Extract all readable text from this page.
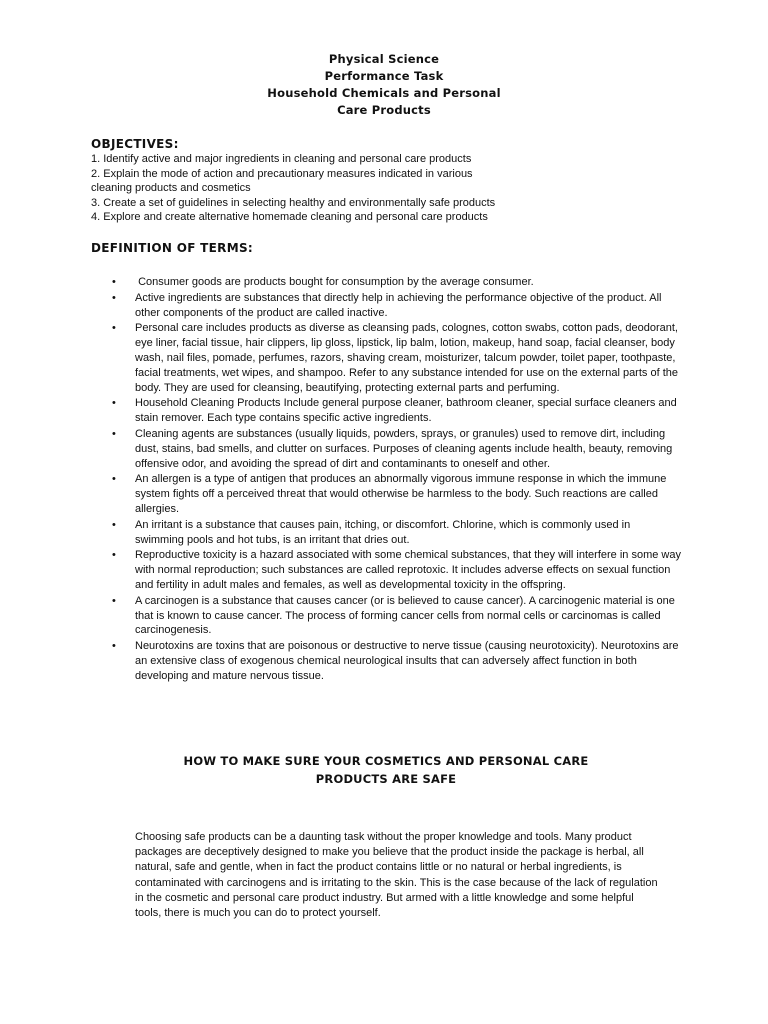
Physical Science
Performance Task
Household Chemicals and Personal
Care Products
OBJECTIVES:
1. Identify active and major ingredients in cleaning and personal care products
2. Explain the mode of action and precautionary measures indicated in various
cleaning products and cosmetics
3. Create a set of guidelines in selecting healthy and environmentally safe products
4. Explore and create alternative homemade cleaning and personal care products
DEFINITION OF TERMS:
•	Consumer goods are products bought for consumption by the average consumer.
•	Active ingredients are substances that directly help in achieving the performance objective of the product. All other components of the product are called inactive.
•	Personal care includes products as diverse as cleansing pads, colognes, cotton swabs, cotton pads, deodorant, eye liner, facial tissue, hair clippers, lip gloss, lipstick, lip balm, lotion, makeup, hand soap, facial cleanser, body wash, nail files, pomade, perfumes, razors, shaving cream, moisturizer, talcum powder, toilet paper, toothpaste, facial treatments, wet wipes, and shampoo. Refer to any substance intended for use on the external parts of the body. They are used for cleansing, beautifying, protecting external parts and perfuming.
•	Household Cleaning Products Include general purpose cleaner, bathroom cleaner, special surface cleaners and stain remover. Each type contains specific active ingredients.
•	Cleaning agents are substances (usually liquids, powders, sprays, or granules) used to remove dirt, including dust, stains, bad smells, and clutter on surfaces. Purposes of cleaning agents include health, beauty, removing offensive odor, and avoiding the spread of dirt and contaminants to oneself and other.
•	An allergen is a type of antigen that produces an abnormally vigorous immune response in which the immune system fights off a perceived threat that would otherwise be harmless to the body. Such reactions are called allergies.
•	An irritant is a substance that causes pain, itching, or discomfort. Chlorine, which is commonly used in swimming pools and hot tubs, is an irritant that dries out.
•	Reproductive toxicity is a hazard associated with some chemical substances, that they will interfere in some way with normal reproduction; such substances are called reprotoxic. It includes adverse effects on sexual function and fertility in adult males and females, as well as developmental toxicity in the offspring.
•	A carcinogen is a substance that causes cancer (or is believed to cause cancer). A carcinogenic material is one that is known to cause cancer. The process of forming cancer cells from normal cells or carcinomas is called carcinogenesis.
•	Neurotoxins are toxins that are poisonous or destructive to nerve tissue (causing neurotoxicity). Neurotoxins are an extensive class of exogenous chemical neurological insults that can adversely affect function in both developing and mature nervous tissue.
HOW TO MAKE SURE YOUR COSMETICS AND PERSONAL CARE
PRODUCTS ARE SAFE
Choosing safe products can be a daunting task without the proper knowledge and tools. Many product packages are deceptively designed to make you believe that the product inside the package is herbal, all natural, safe and gentle, when in fact the product contains little or no natural or herbal ingredients, is contaminated with carcinogens and is irritating to the skin. This is the case because of the lack of regulation in the cosmetic and personal care product industry. But armed with a little knowledge and some helpful tools, there is much you can do to protect yourself.
